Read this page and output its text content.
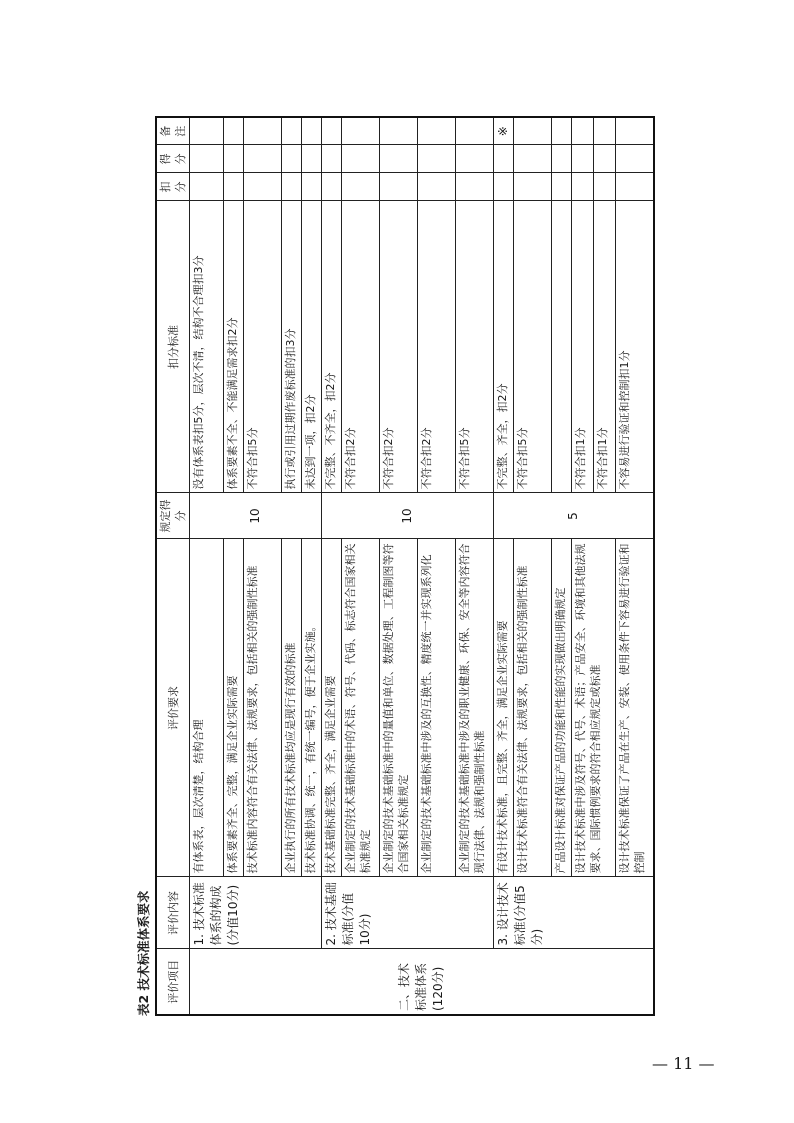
表2 技术标准体系要求 评价项目	评价内容	评价要求	规定得分	扣分标准	扣分	得分	备注
二、技术标准体系(120分)	1. 技术标准体系的构成(分值10分)	有体系表，层次清楚，结构合理	10	没有体系表扣5分，层次不清，结构不合理扣3分			
		体系要素齐全、完整，满足企业实际需要		体系要素不全、不能满足需求扣2分			
		技术标准内容符合有关法律、法规要求，包括相关的强制性标准		不符合扣5分			
		企业执行的所有技术标准均应是现行有效的标准		执行或引用过期作废标准的扣3分			
		技术标准协调、统一，有统一编号，便于企业实施。		未达到一项，扣2分			
	2. 技术基础标准(分值10分)	技术基础标准完整、齐全，满足企业需要	10	不完整、不齐全，扣2分			
		企业制定的技术基础标准中的术语、符号、代码、标志符合国家相关标准规定		不符合扣2分			
		企业制定的技术基础标准中的量值和单位、数据处理、工程制图等符合国家相关标准规定		不符合扣2分			
		企业制定的技术基础标准中涉及的互换性、精度统一并实现系列化		不符合扣2分			
		企业制定的技术基础标准中涉及的职业健康、环保、安全等内容符合现行法律、法规和强制性标准		不符合扣5分			
	3. 设计技术标准(分值5分)	有设计技术标准，且完整、齐全，满足企业实际需要	5	不完整、齐全，扣2分			※
		设计技术标准符合有关法律、法规要求，包括相关的强制性标准		不符合扣5分			
		产品设计标准对保证产品的功能和性能的实现做出明确规定					
		设计技术标准中涉及符号、代号、术语；产品安全、环境和其他法规要求、国际惯例要求的符合相应规定或标准		不符合扣1分			
				不符合扣1分			
		设计技术标准保证了产品在生产、安装、使用条件下容易进行验证和控制		不容易进行验证和控制扣1分			
— 11 —
